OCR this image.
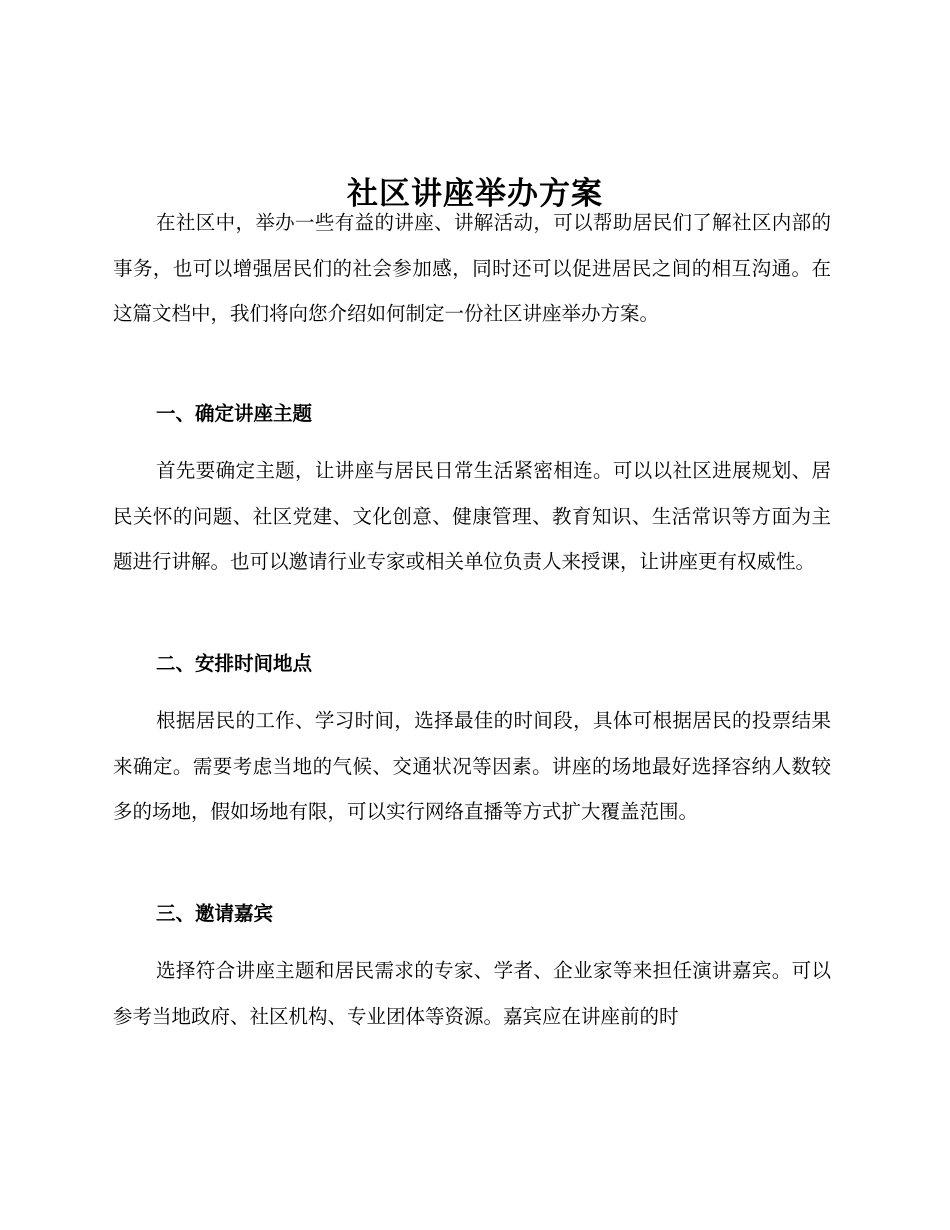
社区讲座举办方案

在社区中，举办一些有益的讲座、讲解活动，可以帮助居民们了解社区内部的事务，也可以增强居民们的社会参加感，同时还可以促进居民之间的相互沟通。在这篇文档中，我们将向您介绍如何制定一份社区讲座举办方案。

一、确定讲座主题

首先要确定主题，让讲座与居民日常生活紧密相连。可以以社区进展规划、居民关怀的问题、社区党建、文化创意、健康管理、教育知识、生活常识等方面为主题进行讲解。也可以邀请行业专家或相关单位负责人来授课，让讲座更有权威性。

二、安排时间地点

根据居民的工作、学习时间，选择最佳的时间段，具体可根据居民的投票结果来确定。需要考虑当地的气候、交通状况等因素。讲座的场地最好选择容纳人数较多的场地，假如场地有限，可以实行网络直播等方式扩大覆盖范围。

三、邀请嘉宾

选择符合讲座主题和居民需求的专家、学者、企业家等来担任演讲嘉宾。可以参考当地政府、社区机构、专业团体等资源。嘉宾应在讲座前的时
